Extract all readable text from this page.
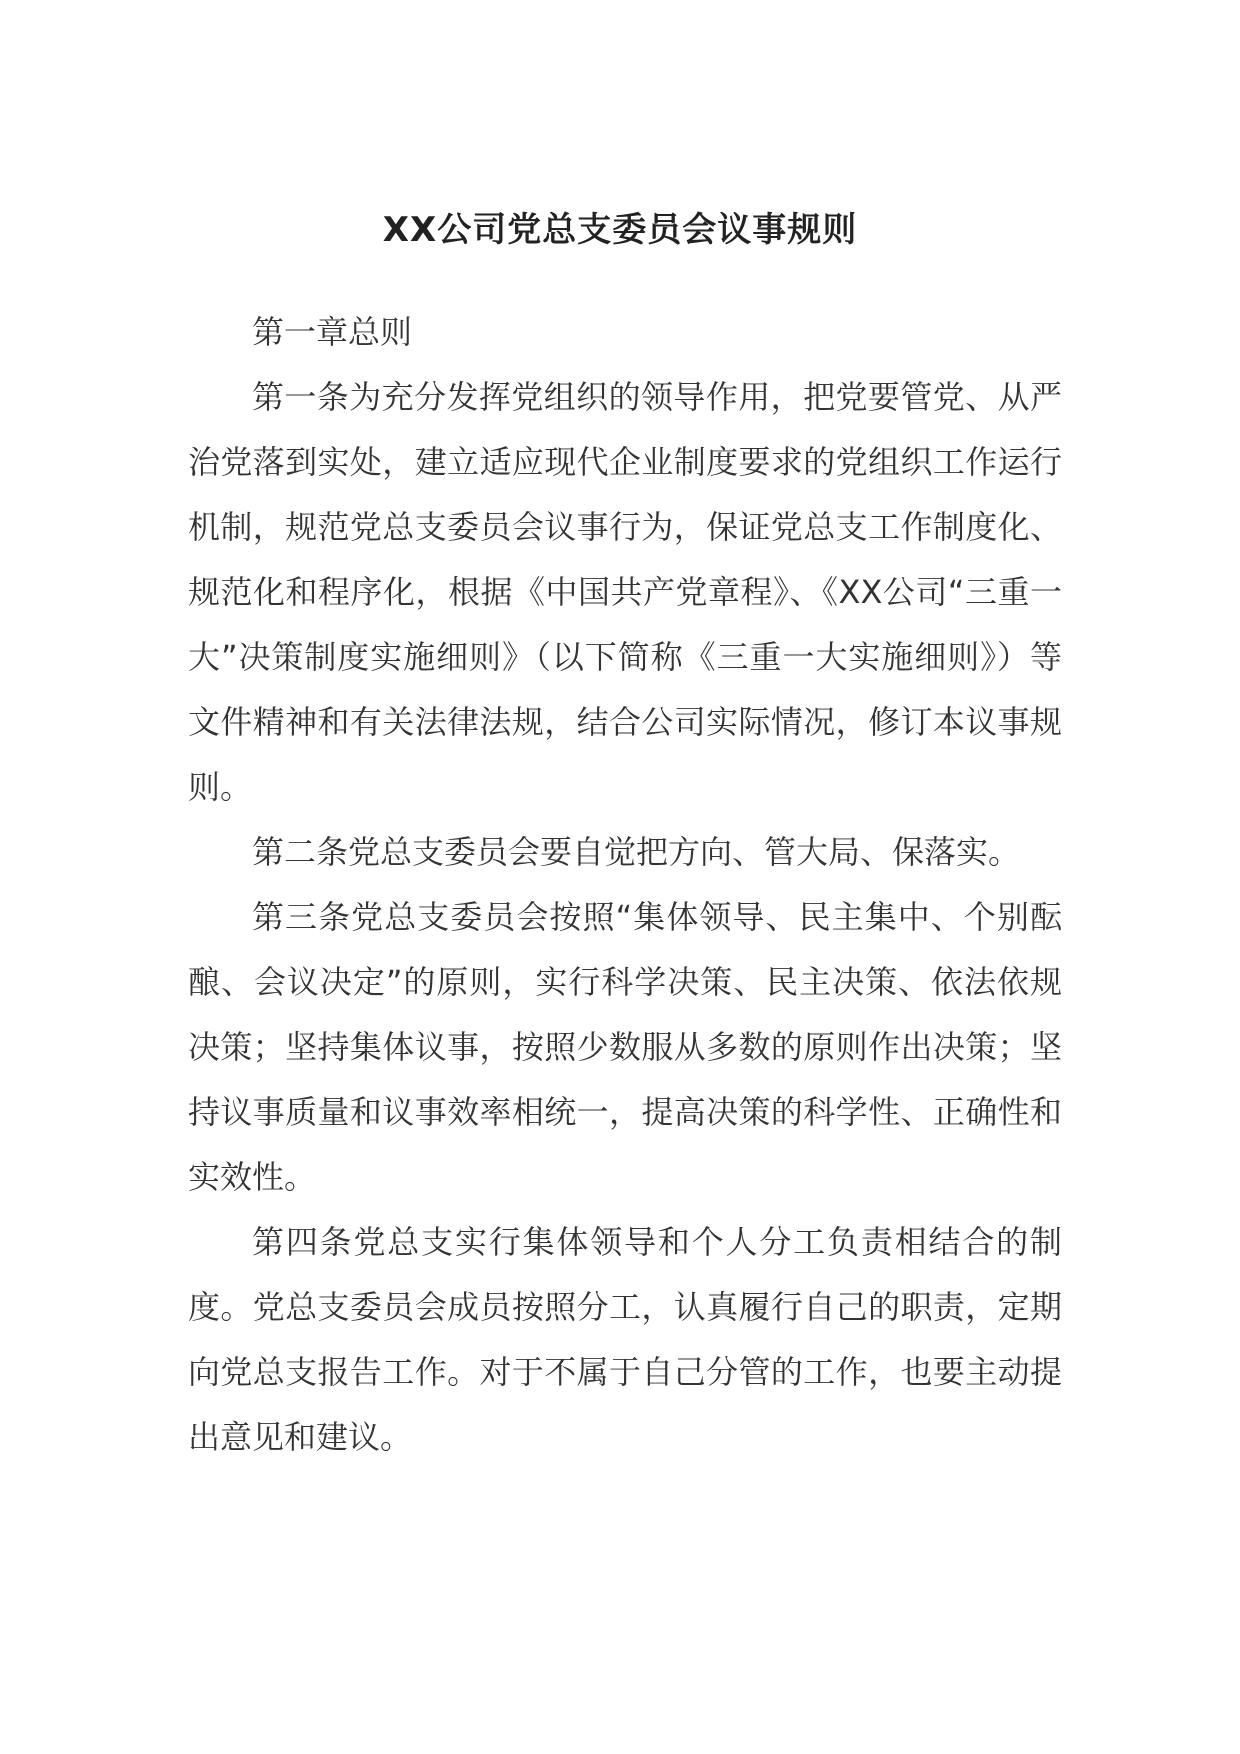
XX公司党总支委员会议事规则

第一章总则

第一条为充分发挥党组织的领导作用，把党要管党、从严治党落到实处，建立适应现代企业制度要求的党组织工作运行机制，规范党总支委员会议事行为，保证党总支工作制度化、规范化和程序化，根据《中国共产党章程》、《XX公司“三重一大”决策制度实施细则》（以下简称《三重一大实施细则》）等文件精神和有关法律法规，结合公司实际情况，修订本议事规则。

第二条党总支委员会要自觉把方向、管大局、保落实。

第三条党总支委员会按照“集体领导、民主集中、个别酝酿、会议决定”的原则，实行科学决策、民主决策、依法依规决策；坚持集体议事，按照少数服从多数的原则作出决策；坚持议事质量和议事效率相统一，提高决策的科学性、正确性和实效性。

第四条党总支实行集体领导和个人分工负责相结合的制度。党总支委员会成员按照分工，认真履行自己的职责，定期向党总支报告工作。对于不属于自己分管的工作，也要主动提出意见和建议。
